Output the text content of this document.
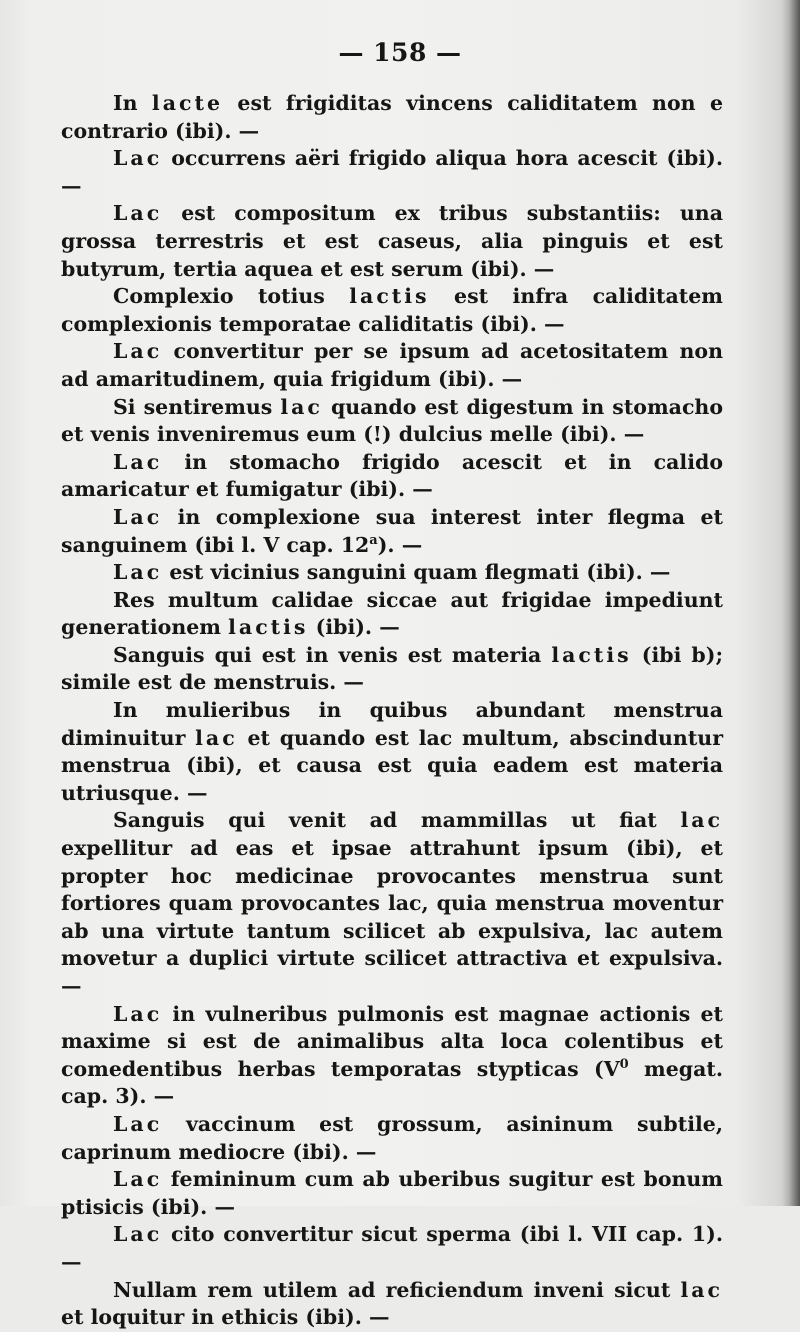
— 158 —

In lacte est frigiditas vincens caliditatem non e contrario (ibi). —

Lac occurrens aëri frigido aliqua hora acescit (ibi). —

Lac est compositum ex tribus substantiis: una grossa terrestris et est caseus, alia pinguis et est butyrum, tertia aquea et est serum (ibi). —

Complexio totius lactis est infra caliditatem complexionis temporatae caliditatis (ibi). —

Lac convertitur per se ipsum ad acetositatem non ad amaritudinem, quia frigidum (ibi). —

Si sentiremus lac quando est digestum in stomacho et venis inveniremus eum (!) dulcius melle (ibi). —

Lac in stomacho frigido acescit et in calido amaricatur et fumigatur (ibi). —

Lac in complexione sua interest inter flegma et sanguinem (ibi l. V cap. 12$^a$). —

Lac est vicinius sanguini quam flegmati (ibi). —

Res multum calidae siccae aut frigidae impediunt generationem lactis (ibi). —

Sanguis qui est in venis est materia lactis (ibi b); simile est de menstruis. —

In mulieribus in quibus abundant menstrua diminuitur lac et quando est lac multum, abscinduntur menstrua (ibi), et causa est quia eadem est materia utriusque. —

Sanguis qui venit ad mammillas ut fiat lac expellitur ad eas et ipsae attrahunt ipsum (ibi), et propter hoc medicinae provocantes menstrua sunt fortiores quam provocantes lac, quia menstrua moventur ab una virtute tantum scilicet ab expulsiva, lac autem movetur a duplici virtute scilicet attractiva et expulsiva. —

Lac in vulneribus pulmonis est magnae actionis et maxime si est de animalibus alta loca colentibus et comedentibus herbas temporatas stypticas ($V^0$ megat. cap. 3). —

Lac vaccinum est grossum, asininum subtile, caprinum mediocre (ibi). —

Lac femininum cum ab uberibus sugitur est bonum ptisicis (ibi). —

Lac cito convertitur sicut sperma (ibi l. VII cap. 1). —

Nullam rem utilem ad reficiendum inveni sicut lac et loquitur in ethicis (ibi). —
